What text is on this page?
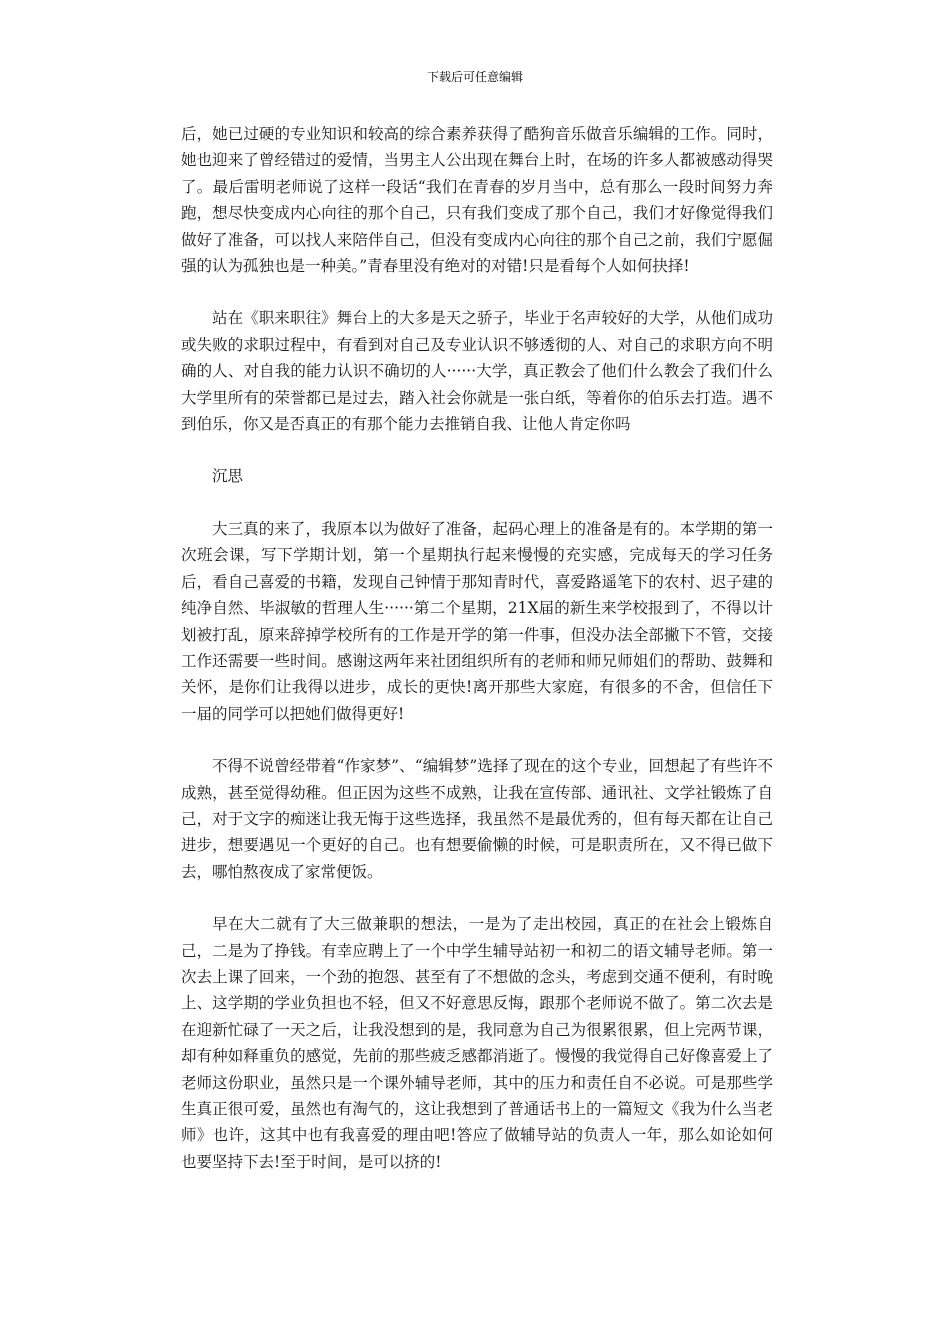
下载后可任意编辑

后，她已过硬的专业知识和较高的综合素养获得了酷狗音乐做音乐编辑的工作。同时，她也迎来了曾经错过的爱情，当男主人公出现在舞台上时，在场的许多人都被感动得哭了。最后雷明老师说了这样一段话“我们在青春的岁月当中，总有那么一段时间努力奔跑，想尽快变成内心向往的那个自己，只有我们变成了那个自己，我们才好像觉得我们做好了准备，可以找人来陪伴自己，但没有变成内心向往的那个自己之前，我们宁愿倔强的认为孤独也是一种美。”青春里没有绝对的对错!只是看每个人如何抉择!

站在《职来职往》舞台上的大多是天之骄子，毕业于名声较好的大学，从他们成功或失败的求职过程中，有看到对自己及专业认识不够透彻的人、对自己的求职方向不明确的人、对自我的能力认识不确切的人······大学，真正教会了他们什么教会了我们什么大学里所有的荣誉都已是过去，踏入社会你就是一张白纸，等着你的伯乐去打造。遇不到伯乐，你又是否真正的有那个能力去推销自我、让他人肯定你吗

沉思

大三真的来了，我原本以为做好了准备，起码心理上的准备是有的。本学期的第一次班会课，写下学期计划，第一个星期执行起来慢慢的充实感，完成每天的学习任务后，看自己喜爱的书籍，发现自己钟情于那知青时代，喜爱路遥笔下的农村、迟子建的纯净自然、毕淑敏的哲理人生······第二个星期，21X届的新生来学校报到了，不得以计划被打乱，原来辞掉学校所有的工作是开学的第一件事，但没办法全部撇下不管，交接工作还需要一些时间。感谢这两年来社团组织所有的老师和师兄师姐们的帮助、鼓舞和关怀，是你们让我得以进步，成长的更快!离开那些大家庭，有很多的不舍，但信任下一届的同学可以把她们做得更好!

不得不说曾经带着“作家梦”、“编辑梦”选择了现在的这个专业，回想起了有些许不成熟，甚至觉得幼稚。但正因为这些不成熟，让我在宣传部、通讯社、文学社锻炼了自己，对于文字的痴迷让我无悔于这些选择，我虽然不是最优秀的，但有每天都在让自己进步，想要遇见一个更好的自己。也有想要偷懒的时候，可是职责所在，又不得已做下去，哪怕熬夜成了家常便饭。

早在大二就有了大三做兼职的想法，一是为了走出校园，真正的在社会上锻炼自己，二是为了挣钱。有幸应聘上了一个中学生辅导站初一和初二的语文辅导老师。第一次去上课了回来，一个劲的抱怨、甚至有了不想做的念头，考虑到交通不便利，有时晚上、这学期的学业负担也不轻，但又不好意思反悔，跟那个老师说不做了。第二次去是在迎新忙碌了一天之后，让我没想到的是，我同意为自己为很累很累，但上完两节课，却有种如释重负的感觉，先前的那些疲乏感都消逝了。慢慢的我觉得自己好像喜爱上了老师这份职业，虽然只是一个课外辅导老师，其中的压力和责任自不必说。可是那些学生真正很可爱，虽然也有淘气的，这让我想到了普通话书上的一篇短文《我为什么当老师》也许，这其中也有我喜爱的理由吧!答应了做辅导站的负责人一年，那么如论如何也要坚持下去!至于时间，是可以挤的!
